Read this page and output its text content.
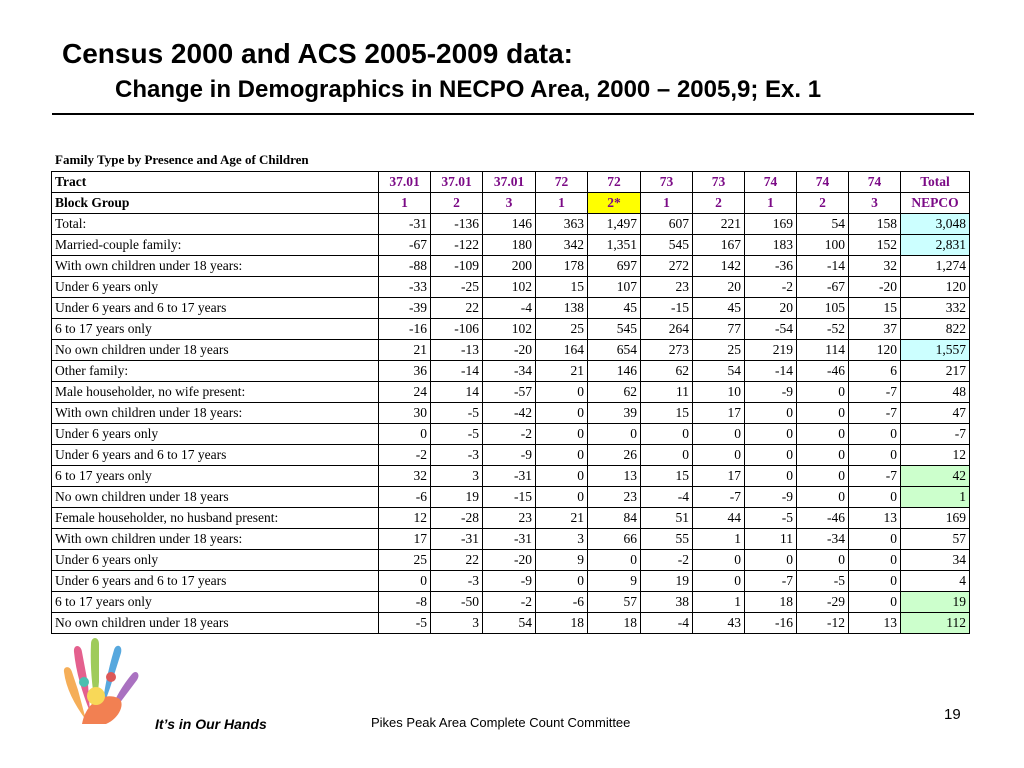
Census 2000 and ACS 2005-2009 data:
Change in Demographics in NECPO Area, 2000 – 2005,9; Ex. 1
Family Type by Presence and Age of Children
Tract	37.01	37.01	37.01	72	72	73	73	74	74	74	Total
Block Group	1	2	3	1	2*	1	2	1	2	3	NEPCO
Total:	-31	-136	146	363	1,497	607	221	169	54	158	3,048
Married-couple family:	-67	-122	180	342	1,351	545	167	183	100	152	2,831
With own children under 18 years:	-88	-109	200	178	697	272	142	-36	-14	32	1,274
Under 6 years only	-33	-25	102	15	107	23	20	-2	-67	-20	120
Under 6 years and 6 to 17 years	-39	22	-4	138	45	-15	45	20	105	15	332
6 to 17 years only	-16	-106	102	25	545	264	77	-54	-52	37	822
No own children under 18 years	21	-13	-20	164	654	273	25	219	114	120	1,557
Other family:	36	-14	-34	21	146	62	54	-14	-46	6	217
Male householder, no wife present:	24	14	-57	0	62	11	10	-9	0	-7	48
With own children under 18 years:	30	-5	-42	0	39	15	17	0	0	-7	47
Under 6 years only	0	-5	-2	0	0	0	0	0	0	0	-7
Under 6 years and 6 to 17 years	-2	-3	-9	0	26	0	0	0	0	0	12
6 to 17 years only	32	3	-31	0	13	15	17	0	0	-7	42
No own children under 18 years	-6	19	-15	0	23	-4	-7	-9	0	0	1
Female householder, no husband present:	12	-28	23	21	84	51	44	-5	-46	13	169
With own children under 18 years:	17	-31	-31	3	66	55	1	11	-34	0	57
Under 6 years only	25	22	-20	9	0	-2	0	0	0	0	34
Under 6 years and 6 to 17 years	0	-3	-9	0	9	19	0	-7	-5	0	4
6 to 17 years only	-8	-50	-2	-6	57	38	1	18	-29	0	19
No own children under 18 years	-5	3	54	18	18	-4	43	-16	-12	13	112
It’s in Our Hands	Pikes Peak Area Complete Count Committee	19
